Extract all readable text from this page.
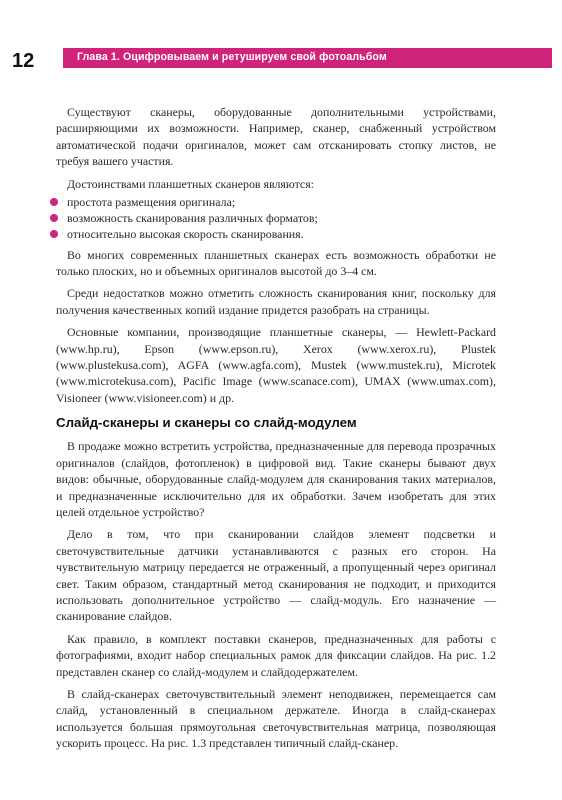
12	Глава 1. Оцифровываем и ретушируем свой фотоальбом

Существуют сканеры, оборудованные дополнительными устройствами, расширяющими их возможности. Например, сканер, снабженный устройством автоматической подачи оригиналов, может сам отсканировать стопку листов, не требуя вашего участия.

Достоинствами планшетных сканеров являются:

простота размещения оригинала;
возможность сканирования различных форматов;
относительно высокая скорость сканирования.

Во многих современных планшетных сканерах есть возможность обработки не только плоских, но и объемных оригиналов высотой до 3–4 см.

Среди недостатков можно отметить сложность сканирования книг, поскольку для получения качественных копий издание придется разобрать на страницы.

Основные компании, производящие планшетные сканеры, — Hewlett-Packard (www.hp.ru), Epson (www.epson.ru), Xerox (www.xerox.ru), Plustek (www.plustekusa.com), AGFA (www.agfa.com), Mustek (www.mustek.ru), Microtek (www.microtekusa.com), Pacific Image (www.scanace.com), UMAX (www.umax.com), Visioneer (www.visioneer.com) и др.

Слайд-сканеры и сканеры со слайд-модулем

В продаже можно встретить устройства, предназначенные для перевода прозрачных оригиналов (слайдов, фотопленок) в цифровой вид. Такие сканеры бывают двух видов: обычные, оборудованные слайд-модулем для сканирования таких материалов, и предназначенные исключительно для их обработки. Зачем изобретать для этих целей отдельное устройство?

Дело в том, что при сканировании слайдов элемент подсветки и светочувствительные датчики устанавливаются с разных его сторон. На чувствительную матрицу передается не отраженный, а пропущенный через оригинал свет. Таким образом, стандартный метод сканирования не подходит, и приходится использовать дополнительное устройство — слайд-модуль. Его назначение — сканирование слайдов.

Как правило, в комплект поставки сканеров, предназначенных для работы с фотографиями, входит набор специальных рамок для фиксации слайдов. На рис. 1.2 представлен сканер со слайд-модулем и слайдодержателем.

В слайд-сканерах светочувствительный элемент неподвижен, перемещается сам слайд, установленный в специальном держателе. Иногда в слайд-сканерах используется большая прямоугольная светочувствительная матрица, позволяющая ускорить процесс. На рис. 1.3 представлен типичный слайд-сканер.
